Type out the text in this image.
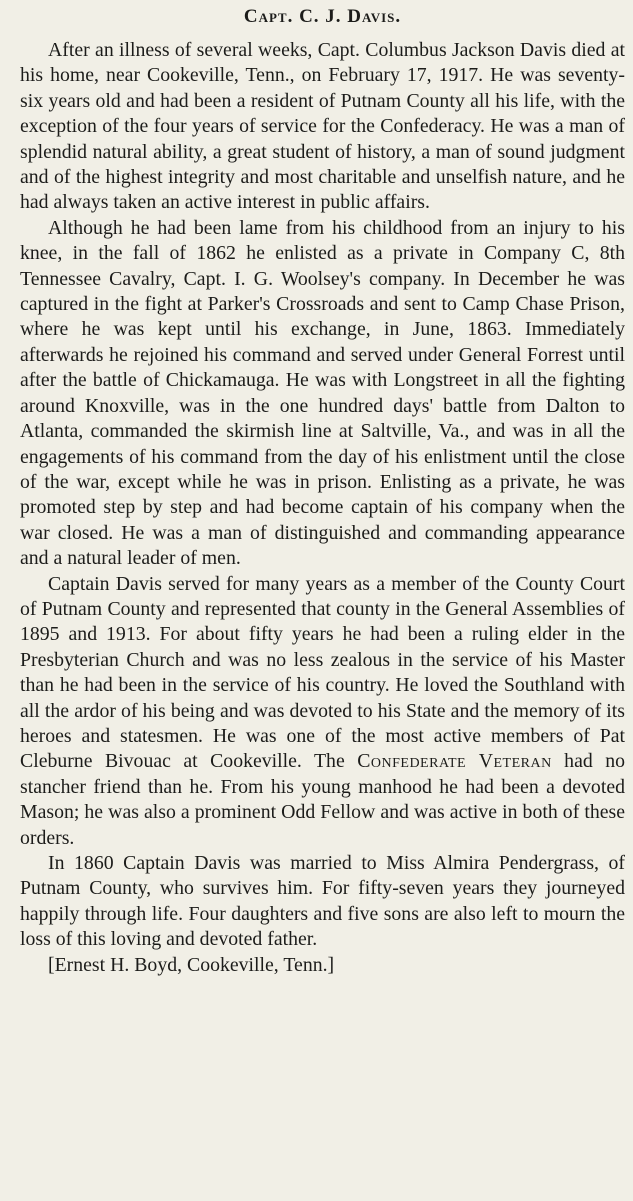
Capt. C. J. Davis.

After an illness of several weeks, Capt. Columbus Jackson Davis died at his home, near Cookeville, Tenn., on February 17, 1917. He was seventy-six years old and had been a resident of Putnam County all his life, with the exception of the four years of service for the Confederacy. He was a man of splendid natural ability, a great student of history, a man of sound judgment and of the highest integrity and most charitable and unselfish nature, and he had always taken an active interest in public affairs.

Although he had been lame from his childhood from an injury to his knee, in the fall of 1862 he enlisted as a private in Company C, 8th Tennessee Cavalry, Capt. I. G. Woolsey's company. In December he was captured in the fight at Parker's Crossroads and sent to Camp Chase Prison, where he was kept until his exchange, in June, 1863. Immediately afterwards he rejoined his command and served under General Forrest until after the battle of Chickamauga. He was with Longstreet in all the fighting around Knoxville, was in the one hundred days' battle from Dalton to Atlanta, commanded the skirmish line at Saltville, Va., and was in all the engagements of his command from the day of his enlistment until the close of the war, except while he was in prison. Enlisting as a private, he was promoted step by step and had become captain of his company when the war closed. He was a man of distinguished and commanding appearance and a natural leader of men.

Captain Davis served for many years as a member of the County Court of Putnam County and represented that county in the General Assemblies of 1895 and 1913. For about fifty years he had been a ruling elder in the Presbyterian Church and was no less zealous in the service of his Master than he had been in the service of his country. He loved the Southland with all the ardor of his being and was devoted to his State and the memory of its heroes and statesmen. He was one of the most active members of Pat Cleburne Bivouac at Cookeville. The Confederate Veteran had no stancher friend than he. From his young manhood he had been a devoted Mason; he was also a prominent Odd Fellow and was active in both of these orders.

In 1860 Captain Davis was married to Miss Almira Pendergrass, of Putnam County, who survives him. For fifty-seven years they journeyed happily through life. Four daughters and five sons are also left to mourn the loss of this loving and devoted father.

[Ernest H. Boyd, Cookeville, Tenn.]
